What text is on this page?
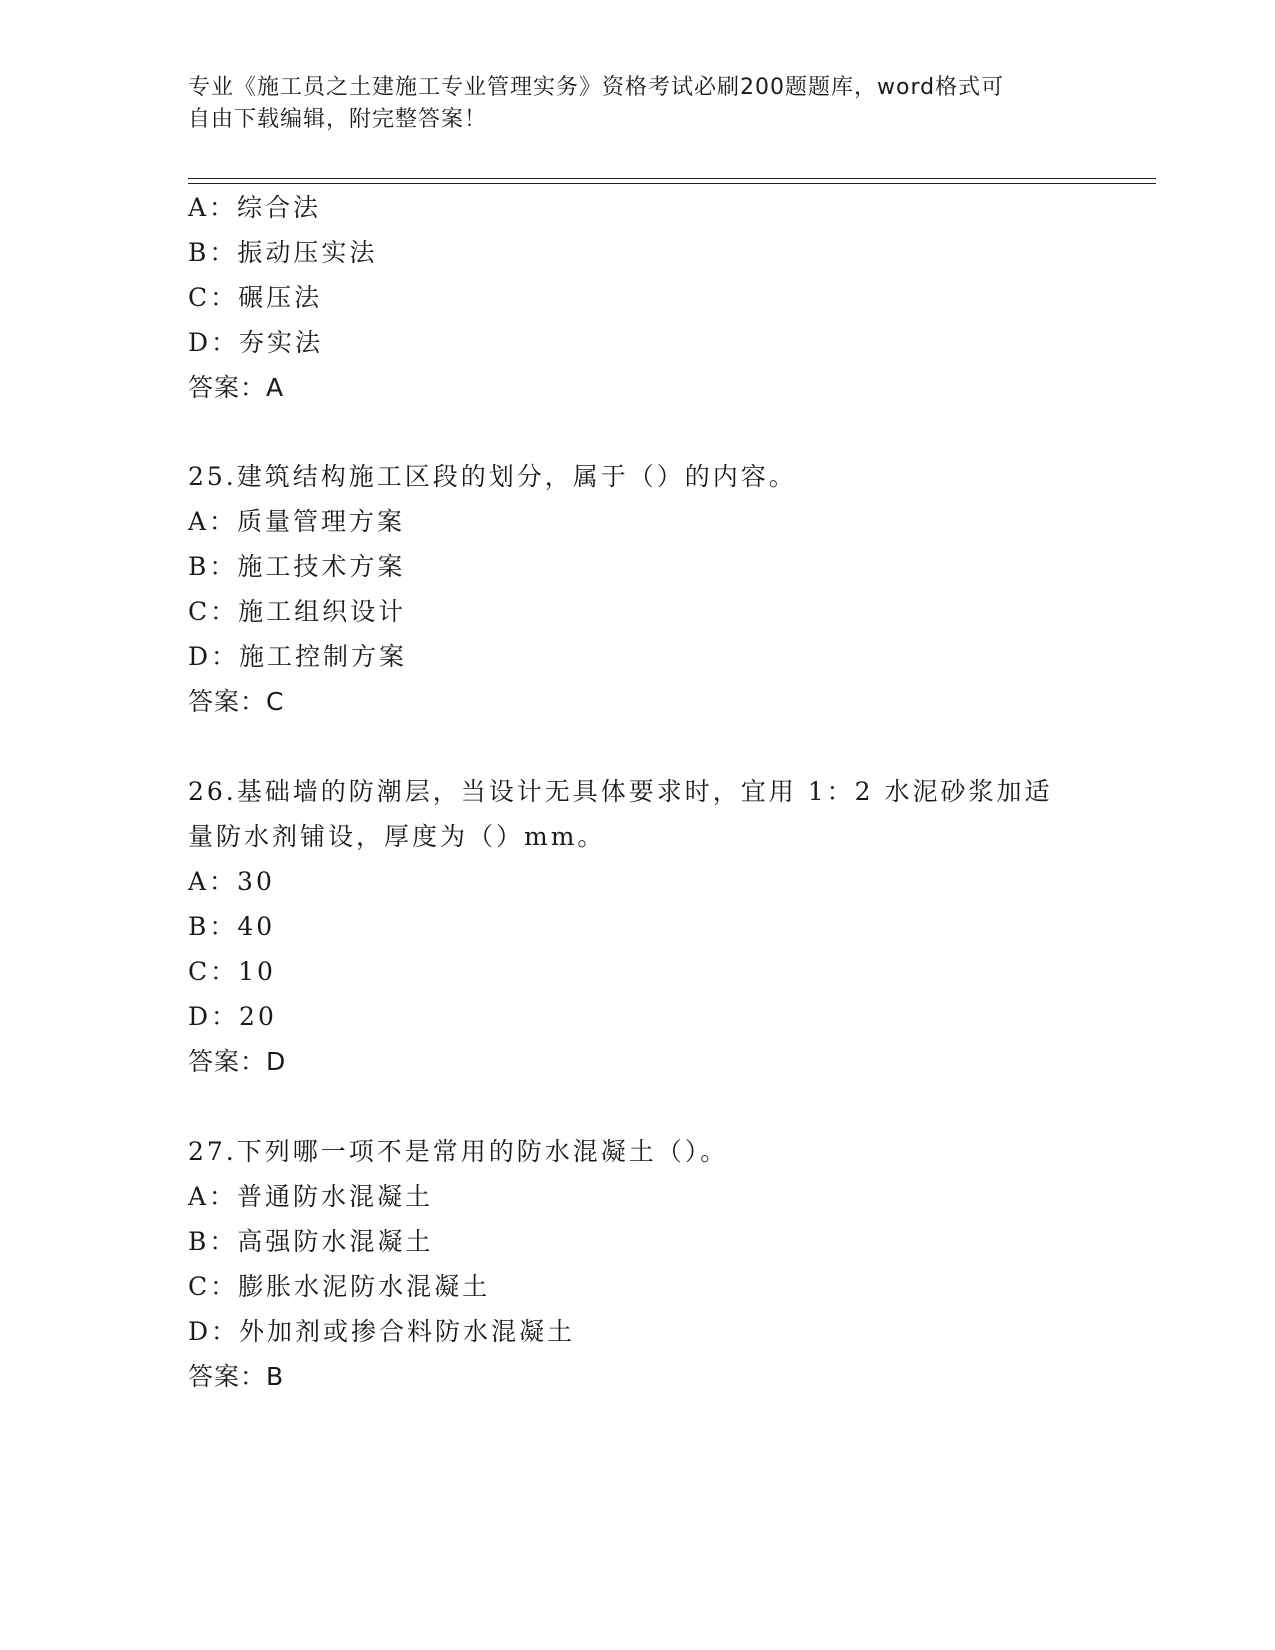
专业《施工员之土建施工专业管理实务》资格考试必刷200题题库，word格式可
自由下载编辑，附完整答案！
A：综合法
B：振动压实法
C：碾压法
D：夯实法
答案：A
25.建筑结构施工区段的划分，属于（）的内容。
A：质量管理方案
B：施工技术方案
C：施工组织设计
D：施工控制方案
答案：C
26.基础墙的防潮层，当设计无具体要求时，宜用 1：2 水泥砂浆加适
量防水剂铺设，厚度为（）mm。
A：30
B：40
C：10
D：20
答案：D
27.下列哪一项不是常用的防水混凝土（）。
A：普通防水混凝土
B：高强防水混凝土
C：膨胀水泥防水混凝土
D：外加剂或掺合料防水混凝土
答案：B
